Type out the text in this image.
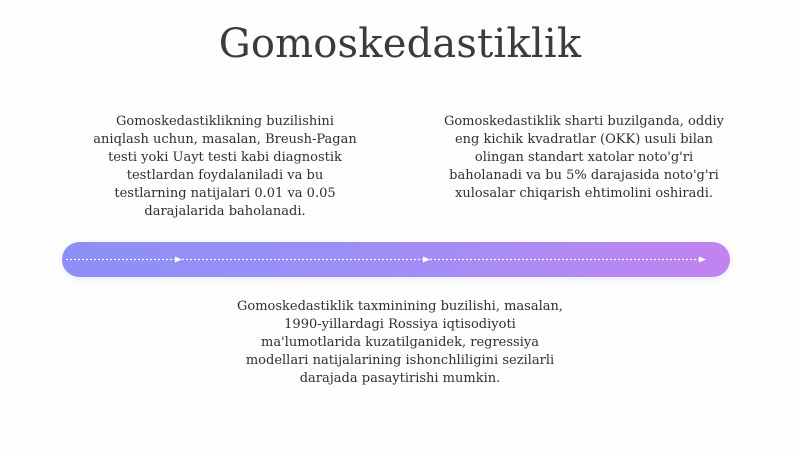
Gomoskedastiklik

Gomoskedastiklikning buzilishini
aniqlash uchun, masalan, Breush-Pagan
testi yoki Uayt testi kabi diagnostik
testlardan foydalaniladi va bu
testlarning natijalari 0.01 va 0.05
darajalarida baholanadi.

Gomoskedastiklik sharti buzilganda, oddiy
eng kichik kvadratlar (OKK) usuli bilan
olingan standart xatolar noto'g'ri
baholanadi va bu 5% darajasida noto'g'ri
xulosalar chiqarish ehtimolini oshiradi.

Gomoskedastiklik taxminining buzilishi, masalan,
1990-yillardagi Rossiya iqtisodiyoti
ma'lumotlarida kuzatilganidek, regressiya
modellari natijalarining ishonchliligini sezilarli
darajada pasaytirishi mumkin.
